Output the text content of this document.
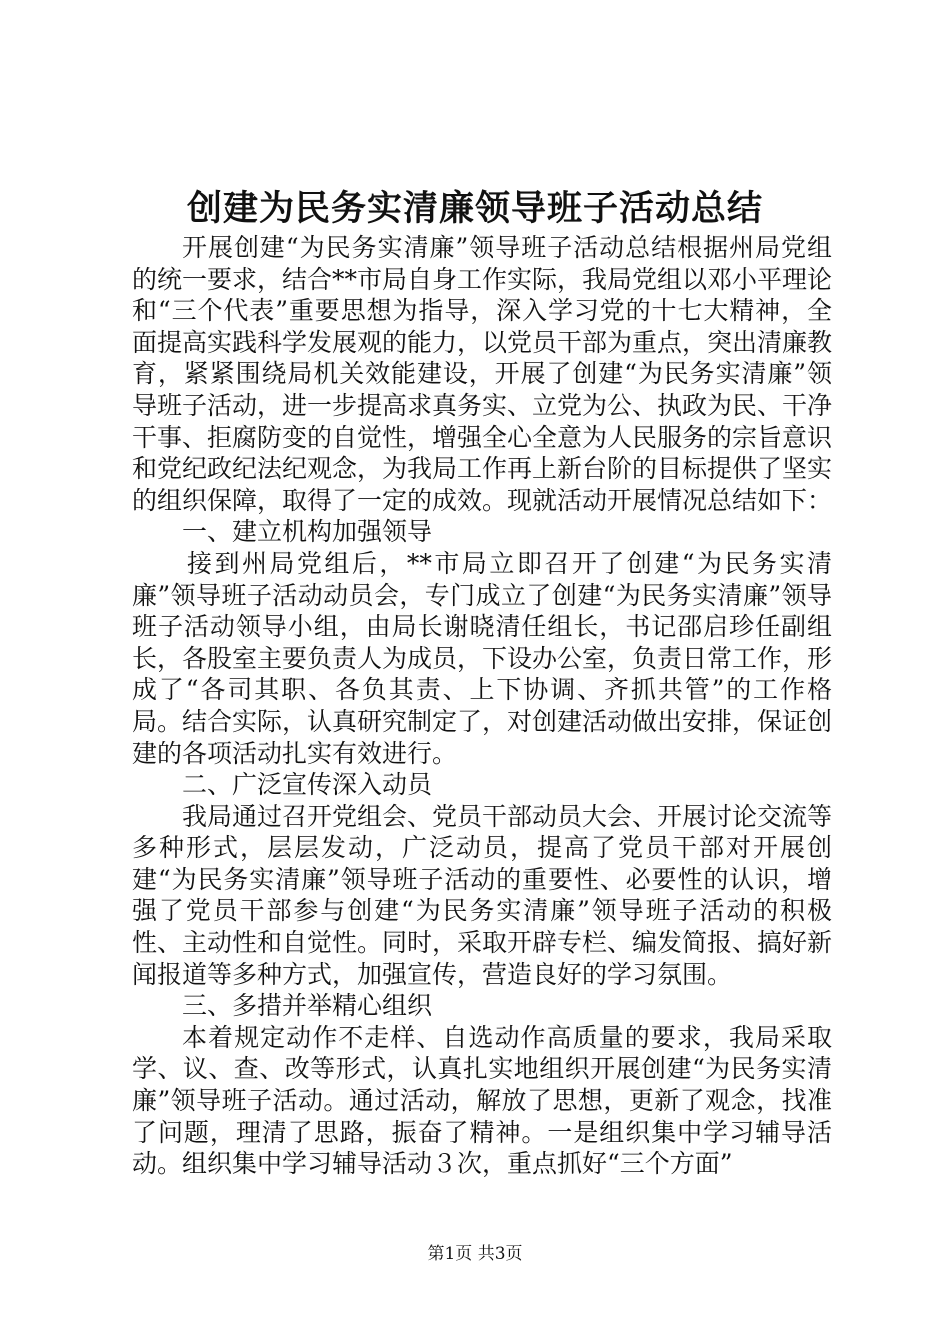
创建为民务实清廉领导班子活动总结

开展创建“为民务实清廉”领导班子活动总结根据州局党组的统一要求，结合**市局自身工作实际，我局党组以邓小平理论和“三个代表”重要思想为指导，深入学习党的十七大精神，全面提高实践科学发展观的能力，以党员干部为重点，突出清廉教育，紧紧围绕局机关效能建设，开展了创建“为民务实清廉”领导班子活动，进一步提高求真务实、立党为公、执政为民、干净干事、拒腐防变的自觉性，增强全心全意为人民服务的宗旨意识和党纪政纪法纪观念，为我局工作再上新台阶的目标提供了坚实的组织保障，取得了一定的成效。现就活动开展情况总结如下：

一、建立机构加强领导

接到州局党组后，**市局立即召开了创建“为民务实清廉”领导班子活动动员会，专门成立了创建“为民务实清廉”领导班子活动领导小组，由局长谢晓清任组长，书记邵启珍任副组长，各股室主要负责人为成员，下设办公室，负责日常工作，形成了“各司其职、各负其责、上下协调、齐抓共管”的工作格局。结合实际，认真研究制定了，对创建活动做出安排，保证创建的各项活动扎实有效进行。

二、广泛宣传深入动员

我局通过召开党组会、党员干部动员大会、开展讨论交流等多种形式，层层发动，广泛动员，提高了党员干部对开展创建“为民务实清廉”领导班子活动的重要性、必要性的认识，增强了党员干部参与创建“为民务实清廉”领导班子活动的积极性、主动性和自觉性。同时，采取开辟专栏、编发简报、搞好新闻报道等多种方式，加强宣传，营造良好的学习氛围。

三、多措并举精心组织

本着规定动作不走样、自选动作高质量的要求，我局采取学、议、查、改等形式，认真扎实地组织开展创建“为民务实清廉”领导班子活动。通过活动，解放了思想，更新了观念，找准了问题，理清了思路，振奋了精神。一是组织集中学习辅导活动。组织集中学习辅导活动３次，重点抓好“三个方面”

第1页 共3页
